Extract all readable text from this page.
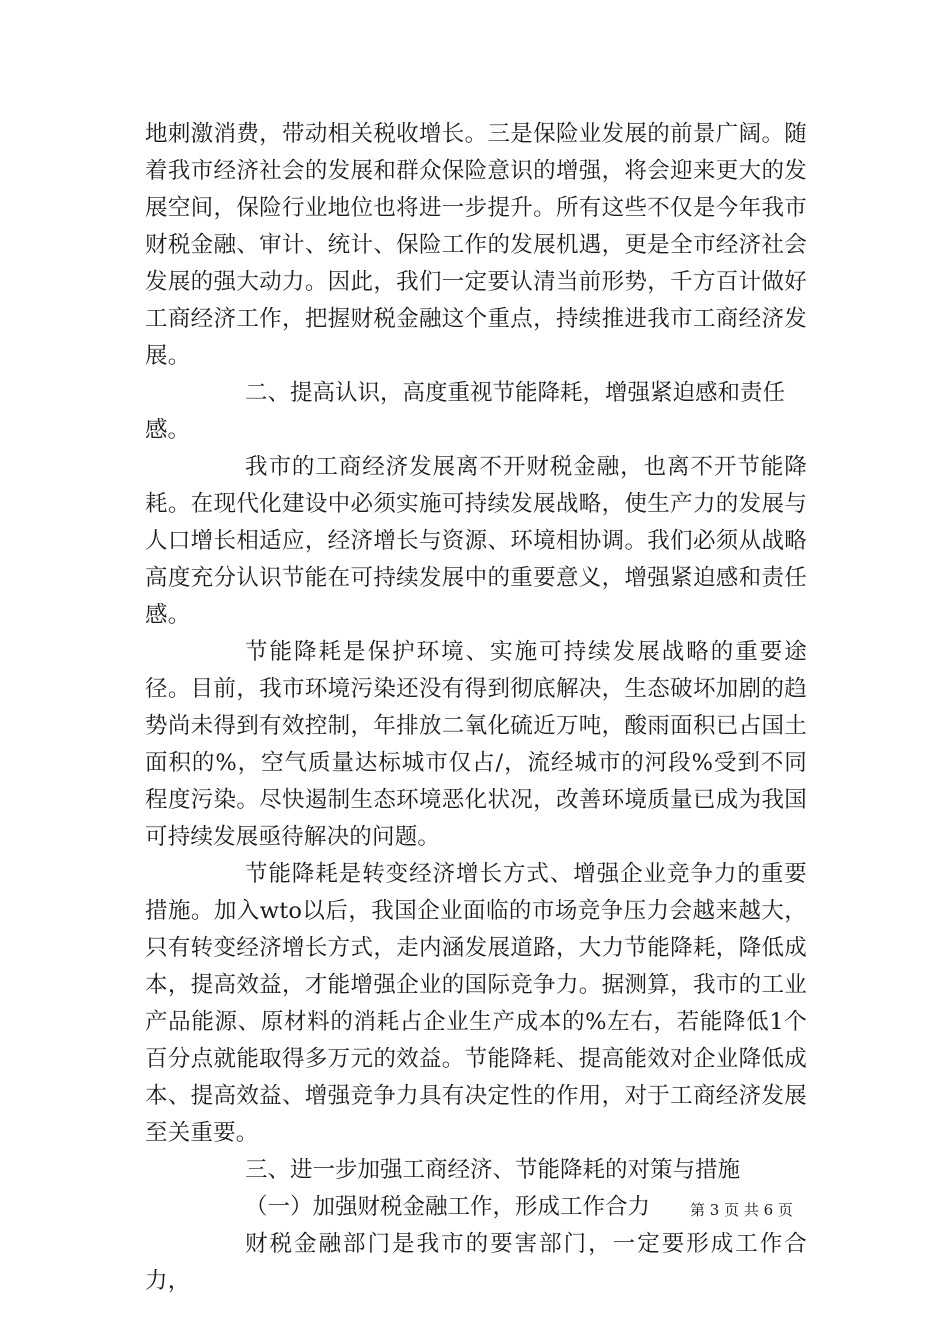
地刺激消费，带动相关税收增长。三是保险业发展的前景广阔。随着我市经济社会的发展和群众保险意识的增强，将会迎来更大的发展空间，保险行业地位也将进一步提升。所有这些不仅是今年我市财税金融、审计、统计、保险工作的发展机遇，更是全市经济社会发展的强大动力。因此，我们一定要认清当前形势，千方百计做好工商经济工作，把握财税金融这个重点，持续推进我市工商经济发展。

二、提高认识，高度重视节能降耗，增强紧迫感和责任感。

我市的工商经济发展离不开财税金融，也离不开节能降耗。在现代化建设中必须实施可持续发展战略，使生产力的发展与人口增长相适应，经济增长与资源、环境相协调。我们必须从战略高度充分认识节能在可持续发展中的重要意义，增强紧迫感和责任感。

节能降耗是保护环境、实施可持续发展战略的重要途径。目前，我市环境污染还没有得到彻底解决，生态破坏加剧的趋势尚未得到有效控制，年排放二氧化硫近万吨，酸雨面积已占国土面积的%，空气质量达标城市仅占/，流经城市的河段%受到不同程度污染。尽快遏制生态环境恶化状况，改善环境质量已成为我国可持续发展亟待解决的问题。

节能降耗是转变经济增长方式、增强企业竞争力的重要措施。加入wto以后，我国企业面临的市场竞争压力会越来越大，只有转变经济增长方式，走内涵发展道路，大力节能降耗，降低成本，提高效益，才能增强企业的国际竞争力。据测算，我市的工业产品能源、原材料的消耗占企业生产成本的%左右，若能降低1个百分点就能取得多万元的效益。节能降耗、提高能效对企业降低成本、提高效益、增强竞争力具有决定性的作用，对于工商经济发展至关重要。

三、进一步加强工商经济、节能降耗的对策与措施

（一）加强财税金融工作，形成工作合力

财税金融部门是我市的要害部门，一定要形成工作合力，

第 3 页 共 6 页
